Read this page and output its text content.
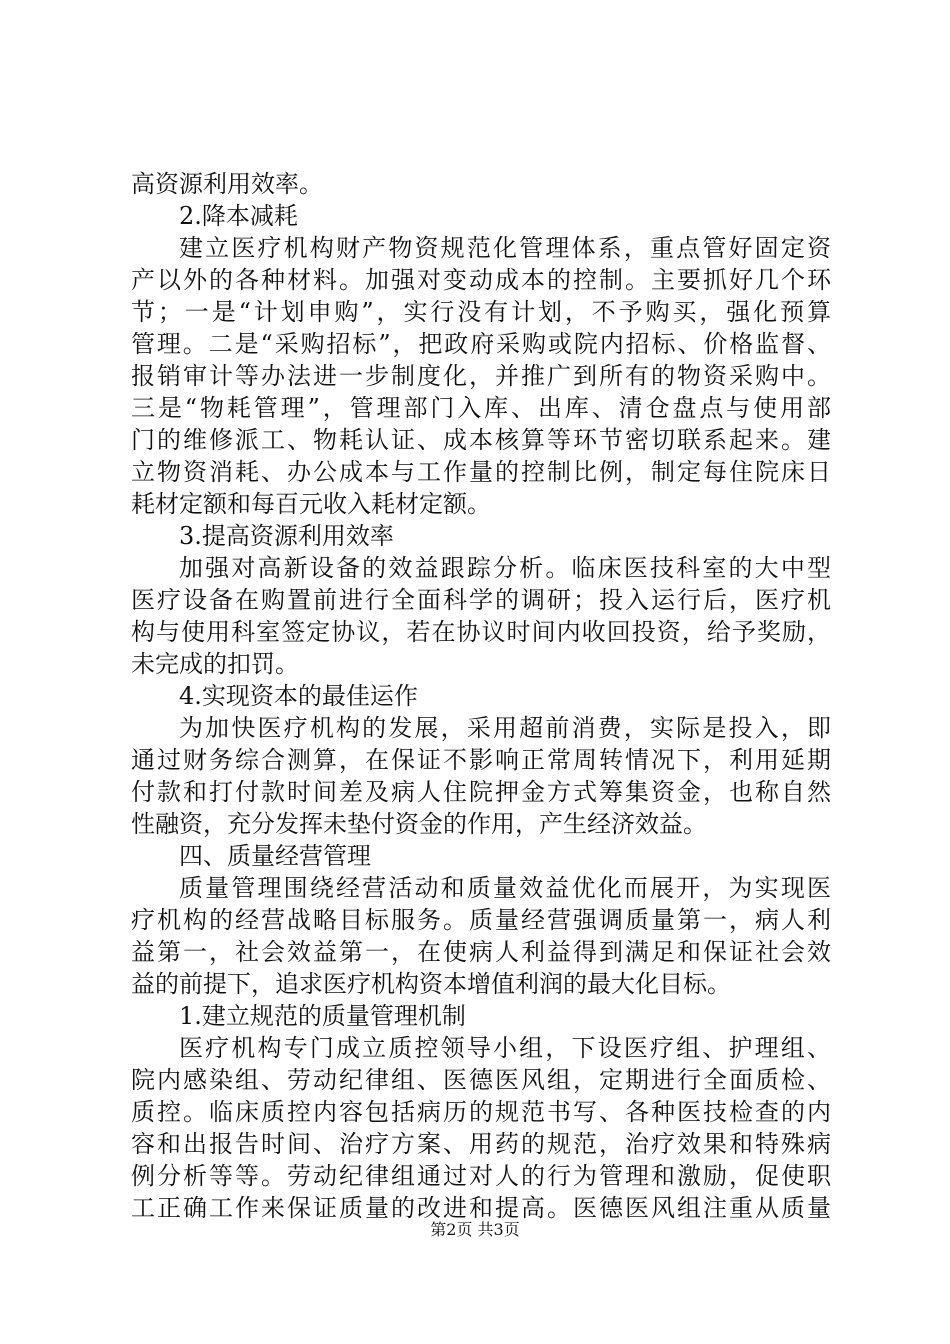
高资源利用效率。
2.降本减耗
建立医疗机构财产物资规范化管理体系，重点管好固定资
产以外的各种材料。加强对变动成本的控制。主要抓好几个环
节；一是“计划申购”，实行没有计划，不予购买，强化预算
管理。二是“采购招标”，把政府采购或院内招标、价格监督、
报销审计等办法进一步制度化，并推广到所有的物资采购中。
三是“物耗管理”，管理部门入库、出库、清仓盘点与使用部
门的维修派工、物耗认证、成本核算等环节密切联系起来。建
立物资消耗、办公成本与工作量的控制比例，制定每住院床日
耗材定额和每百元收入耗材定额。
3.提高资源利用效率
加强对高新设备的效益跟踪分析。临床医技科室的大中型
医疗设备在购置前进行全面科学的调研；投入运行后，医疗机
构与使用科室签定协议，若在协议时间内收回投资，给予奖励，
未完成的扣罚。
4.实现资本的最佳运作
为加快医疗机构的发展，采用超前消费，实际是投入，即
通过财务综合测算，在保证不影响正常周转情况下，利用延期
付款和打付款时间差及病人住院押金方式筹集资金，也称自然
性融资，充分发挥未垫付资金的作用，产生经济效益。
四、质量经营管理
质量管理围绕经营活动和质量效益优化而展开，为实现医
疗机构的经营战略目标服务。质量经营强调质量第一，病人利
益第一，社会效益第一，在使病人利益得到满足和保证社会效
益的前提下，追求医疗机构资本增值利润的最大化目标。
1.建立规范的质量管理机制
医疗机构专门成立质控领导小组，下设医疗组、护理组、
院内感染组、劳动纪律组、医德医风组，定期进行全面质检、
质控。临床质控内容包括病历的规范书写、各种医技检查的内
容和出报告时间、治疗方案、用药的规范，治疗效果和特殊病
例分析等等。劳动纪律组通过对人的行为管理和激励，促使职
工正确工作来保证质量的改进和提高。医德医风组注重从质量
第2页 共3页
